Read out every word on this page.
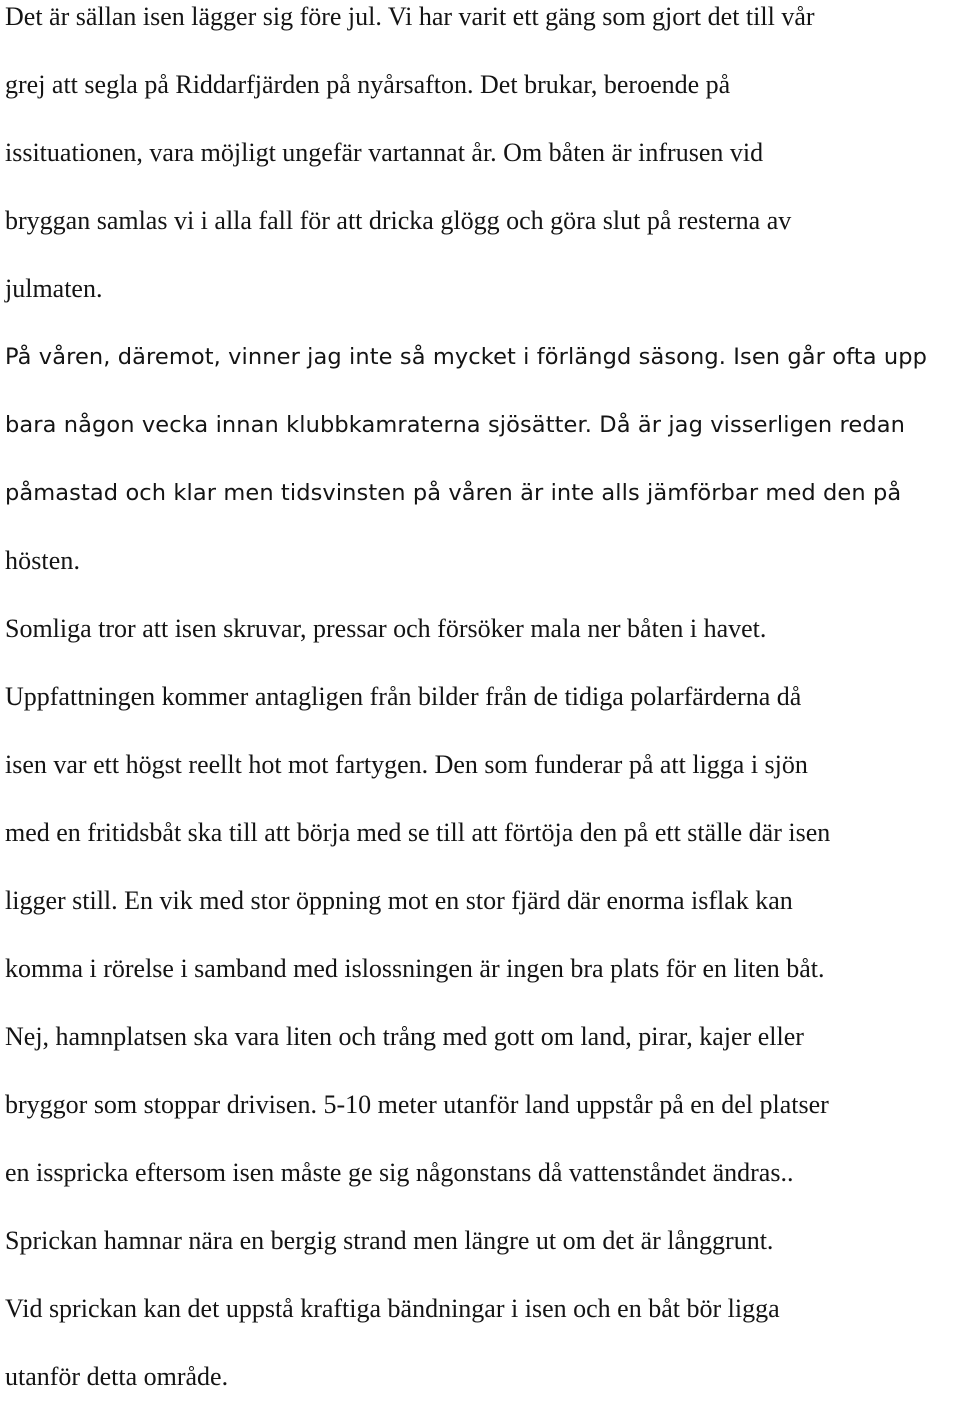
Det är sällan isen lägger sig före jul. Vi har varit ett gäng som gjort det till vår
grej att segla på Riddarfjärden på nyårsafton. Det brukar, beroende på
issituationen, vara möjligt ungefär vartannat år. Om båten är infrusen vid
bryggan samlas vi i alla fall för att dricka glögg och göra slut på resterna av
julmaten.
På våren, däremot, vinner jag inte så mycket i förlängd säsong. Isen går ofta upp
bara någon vecka innan klubbkamraterna sjösätter. Då är jag visserligen redan
påmastad och klar men tidsvinsten på våren är inte alls jämförbar med den på
hösten.
Somliga tror att isen skruvar, pressar och försöker mala ner båten i havet.
Uppfattningen kommer antagligen från bilder från de tidiga polarfärderna då
isen var ett högst reellt hot mot fartygen. Den som funderar på att ligga i sjön
med en fritidsbåt ska till att börja med se till att förtöja den på ett ställe där isen
ligger still. En vik med stor öppning mot en stor fjärd där enorma isflak kan
komma i rörelse i samband med islossningen är ingen bra plats för en liten båt.
Nej, hamnplatsen ska vara liten och trång med gott om land, pirar, kajer eller
bryggor som stoppar drivisen. 5-10 meter utanför land uppstår på en del platser
en isspricka eftersom isen måste ge sig någonstans då vattenståndet ändras..
Sprickan hamnar nära en bergig strand men längre ut om det är långgrunt.
Vid sprickan kan det uppstå kraftiga bändningar i isen och en båt bör ligga
utanför detta område.
